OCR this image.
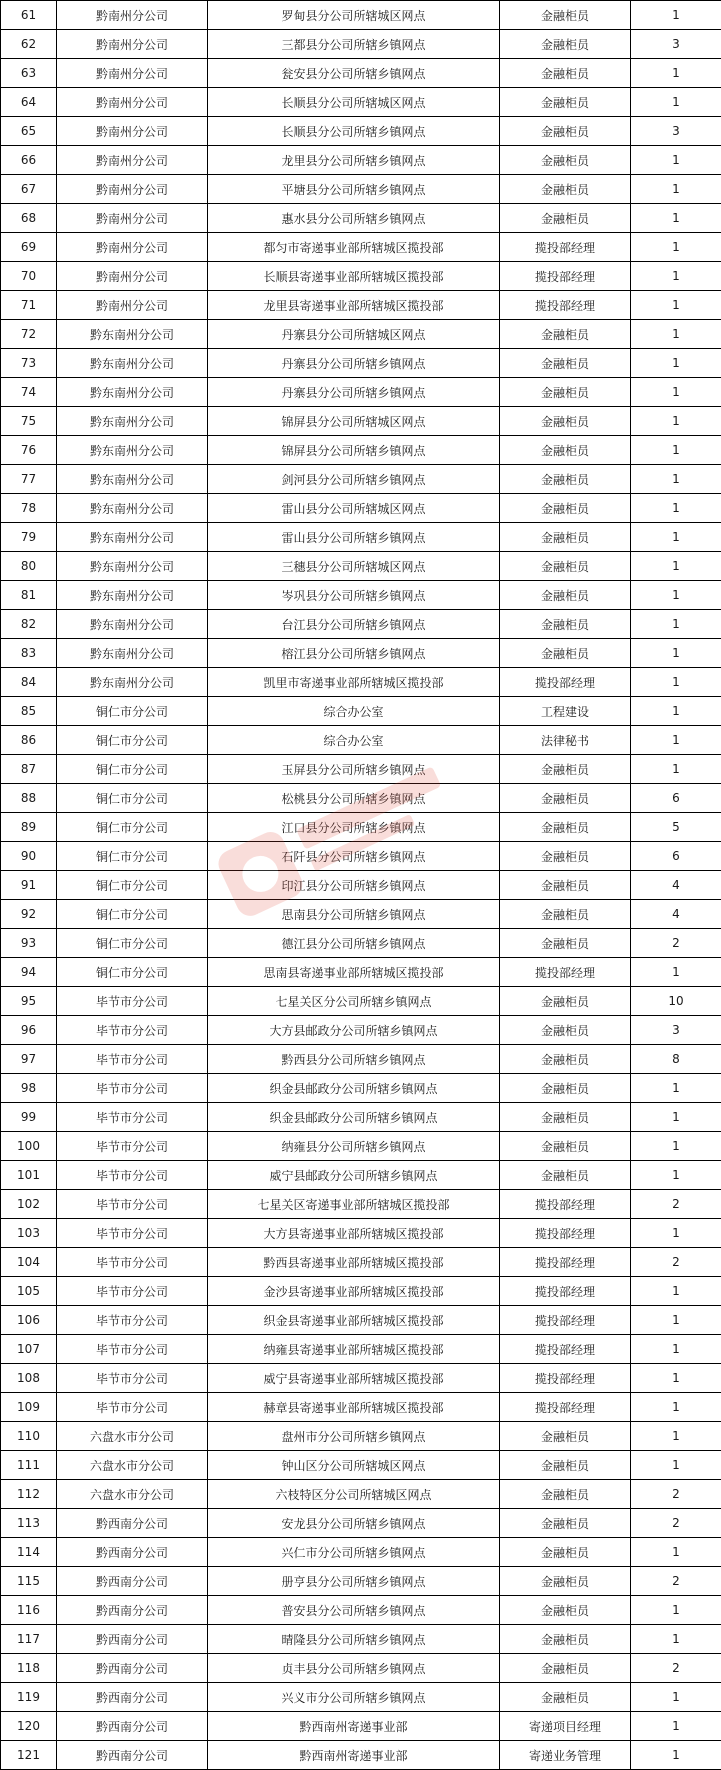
61	黔南州分公司	罗甸县分公司所辖城区网点	金融柜员	1
62	黔南州分公司	三都县分公司所辖乡镇网点	金融柜员	3
63	黔南州分公司	瓮安县分公司所辖乡镇网点	金融柜员	1
64	黔南州分公司	长顺县分公司所辖城区网点	金融柜员	1
65	黔南州分公司	长顺县分公司所辖乡镇网点	金融柜员	3
66	黔南州分公司	龙里县分公司所辖乡镇网点	金融柜员	1
67	黔南州分公司	平塘县分公司所辖乡镇网点	金融柜员	1
68	黔南州分公司	惠水县分公司所辖乡镇网点	金融柜员	1
69	黔南州分公司	都匀市寄递事业部所辖城区揽投部	揽投部经理	1
70	黔南州分公司	长顺县寄递事业部所辖城区揽投部	揽投部经理	1
71	黔南州分公司	龙里县寄递事业部所辖城区揽投部	揽投部经理	1
72	黔东南州分公司	丹寨县分公司所辖城区网点	金融柜员	1
73	黔东南州分公司	丹寨县分公司所辖乡镇网点	金融柜员	1
74	黔东南州分公司	丹寨县分公司所辖乡镇网点	金融柜员	1
75	黔东南州分公司	锦屏县分公司所辖城区网点	金融柜员	1
76	黔东南州分公司	锦屏县分公司所辖乡镇网点	金融柜员	1
77	黔东南州分公司	剑河县分公司所辖乡镇网点	金融柜员	1
78	黔东南州分公司	雷山县分公司所辖城区网点	金融柜员	1
79	黔东南州分公司	雷山县分公司所辖乡镇网点	金融柜员	1
80	黔东南州分公司	三穗县分公司所辖城区网点	金融柜员	1
81	黔东南州分公司	岑巩县分公司所辖乡镇网点	金融柜员	1
82	黔东南州分公司	台江县分公司所辖乡镇网点	金融柜员	1
83	黔东南州分公司	榕江县分公司所辖乡镇网点	金融柜员	1
84	黔东南州分公司	凯里市寄递事业部所辖城区揽投部	揽投部经理	1
85	铜仁市分公司	综合办公室	工程建设	1
86	铜仁市分公司	综合办公室	法律秘书	1
87	铜仁市分公司	玉屏县分公司所辖乡镇网点	金融柜员	1
88	铜仁市分公司	松桃县分公司所辖乡镇网点	金融柜员	6
89	铜仁市分公司	江口县分公司所辖乡镇网点	金融柜员	5
90	铜仁市分公司	石阡县分公司所辖乡镇网点	金融柜员	6
91	铜仁市分公司	印江县分公司所辖乡镇网点	金融柜员	4
92	铜仁市分公司	思南县分公司所辖乡镇网点	金融柜员	4
93	铜仁市分公司	德江县分公司所辖乡镇网点	金融柜员	2
94	铜仁市分公司	思南县寄递事业部所辖城区揽投部	揽投部经理	1
95	毕节市分公司	七星关区分公司所辖乡镇网点	金融柜员	10
96	毕节市分公司	大方县邮政分公司所辖乡镇网点	金融柜员	3
97	毕节市分公司	黔西县分公司所辖乡镇网点	金融柜员	8
98	毕节市分公司	织金县邮政分公司所辖乡镇网点	金融柜员	1
99	毕节市分公司	织金县邮政分公司所辖乡镇网点	金融柜员	1
100	毕节市分公司	纳雍县分公司所辖乡镇网点	金融柜员	1
101	毕节市分公司	威宁县邮政分公司所辖乡镇网点	金融柜员	1
102	毕节市分公司	七星关区寄递事业部所辖城区揽投部	揽投部经理	2
103	毕节市分公司	大方县寄递事业部所辖城区揽投部	揽投部经理	1
104	毕节市分公司	黔西县寄递事业部所辖城区揽投部	揽投部经理	2
105	毕节市分公司	金沙县寄递事业部所辖城区揽投部	揽投部经理	1
106	毕节市分公司	织金县寄递事业部所辖城区揽投部	揽投部经理	1
107	毕节市分公司	纳雍县寄递事业部所辖城区揽投部	揽投部经理	1
108	毕节市分公司	威宁县寄递事业部所辖城区揽投部	揽投部经理	1
109	毕节市分公司	赫章县寄递事业部所辖城区揽投部	揽投部经理	1
110	六盘水市分公司	盘州市分公司所辖乡镇网点	金融柜员	1
111	六盘水市分公司	钟山区分公司所辖城区网点	金融柜员	1
112	六盘水市分公司	六枝特区分公司所辖城区网点	金融柜员	2
113	黔西南分公司	安龙县分公司所辖乡镇网点	金融柜员	2
114	黔西南分公司	兴仁市分公司所辖乡镇网点	金融柜员	1
115	黔西南分公司	册亨县分公司所辖乡镇网点	金融柜员	2
116	黔西南分公司	普安县分公司所辖乡镇网点	金融柜员	1
117	黔西南分公司	晴隆县分公司所辖乡镇网点	金融柜员	1
118	黔西南分公司	贞丰县分公司所辖乡镇网点	金融柜员	2
119	黔西南分公司	兴义市分公司所辖乡镇网点	金融柜员	1
120	黔西南分公司	黔西南州寄递事业部	寄递项目经理	1
121	黔西南分公司	黔西南州寄递事业部	寄递业务管理	1
